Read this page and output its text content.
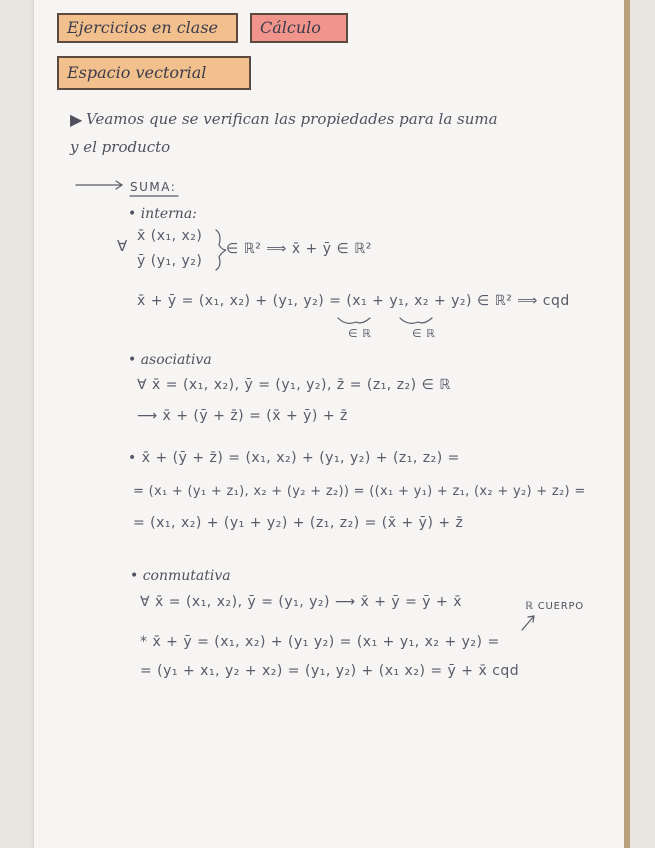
Ejercicios en clase	Cálculo
Espacio vectorial
▶ Veamos que se verifican las propiedades para la suma
y el producto
SUMA:
• interna:
∀
x̄ (x₁, x₂)
ȳ (y₁, y₂)
∈ ℝ² ⟹ x̄ + ȳ ∈ ℝ²
x̄ + ȳ = (x₁, x₂) + (y₁, y₂) = (x₁ + y₁, x₂ + y₂) ∈ ℝ² ⟹ cqd
∈ ℝ	∈ ℝ
• asociativa
∀ x̄ = (x₁, x₂), ȳ = (y₁, y₂), z̄ = (z₁, z₂) ∈ ℝ
⟶ x̄ + (ȳ + z̄) = (x̄ + ȳ) + z̄
• x̄ + (ȳ + z̄) = (x₁, x₂) + (y₁, y₂) + (z₁, z₂) =
= (x₁ + (y₁ + z₁), x₂ + (y₂ + z₂)) = ((x₁ + y₁) + z₁, (x₂ + y₂) + z₂) =
= (x₁, x₂) + (y₁ + y₂) + (z₁, z₂) = (x̄ + ȳ) + z̄
• conmutativa
∀ x̄ = (x₁, x₂), ȳ = (y₁, y₂) ⟶ x̄ + ȳ = ȳ + x̄	ℝ CUERPO
* x̄ + ȳ = (x₁, x₂) + (y₁ y₂) = (x₁ + y₁, x₂ + y₂) =
= (y₁ + x₁, y₂ + x₂) = (y₁, y₂) + (x₁ x₂) = ȳ + x̄ cqd
